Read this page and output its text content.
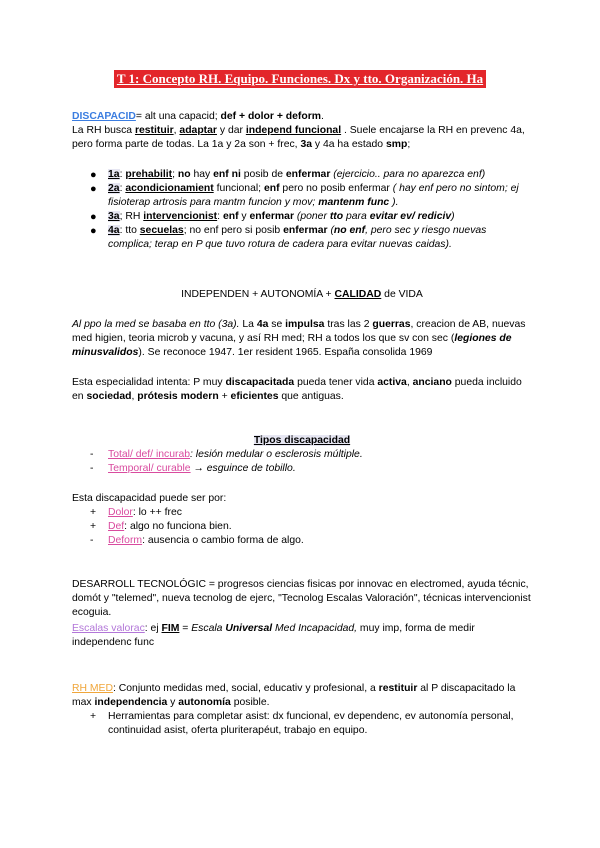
T 1: Concepto RH. Equipo. Funciones. Dx y tto. Organización. Ha

DISCAPACID= alt una capacid; def + dolor + deform.

La RH busca restituir, adaptar y dar independ funcional . Suele encajarse la RH en prevenc 4a, pero forma parte de todas. La 1a y 2a son + frec, 3a y 4a ha estado smp;

● 1a: prehabilit; no hay enf ni posib de enfermar (ejercicio.. para no aparezca enf)
● 2a: acondicionamient funcional; enf pero no posib enfermar ( hay enf pero no sintom; ej fisioterap artrosis para mantm funcion y mov; mantenm func ).
● 3a; RH intervencionist: enf y enfermar (poner tto para evitar ev/ rediciv)
● 4a: tto secuelas; no enf pero si posib enfermar (no enf, pero sec y riesgo nuevas complica; terap en P que tuvo rotura de cadera para evitar nuevas caidas).
INDEPENDEN + AUTONOMÍA + CALIDAD de VIDA

Al ppo la med se basaba en tto (3a). La 4a se impulsa tras las 2 guerras, creacion de AB, nuevas med higien, teoria microb y vacuna, y así RH med; RH a todos los que sv con sec (legiones de minusvalidos). Se reconoce 1947. 1er resident 1965. España consolida 1969

Esta especialidad intenta: P muy discapacitada pueda tener vida activa, anciano pueda incluido en sociedad, prótesis modern + eficientes que antiguas.

Tipos discapacidad

- Total/ def/ incurab: lesión medular o esclerosis múltiple.
- Temporal/ curable → esguince de tobillo.

Esta discapacidad puede ser por:

+ Dolor: lo ++ frec
+ Def: algo no funciona bien.
- Deform: ausencia o cambio forma de algo.

DESARROLL TECNOLÓGIC = progresos ciencias fisicas por innovac en electromed, ayuda técnic, domót y "telemed", nueva tecnolog de ejerc, "Tecnolog Escalas Valoración", técnicas intervencionist ecoguia.

Escalas valorac: ej FIM = Escala Universal Med Incapacidad, muy imp, forma de medir independenc func

RH MED: Conjunto medidas med, social, educativ y profesional, a restituir al P discapacitado la max independencia y autonomía posible.

+ Herramientas para completar asist: dx funcional, ev dependenc, ev autonomía personal, continuidad asist, oferta pluriterapéut, trabajo en equipo.
